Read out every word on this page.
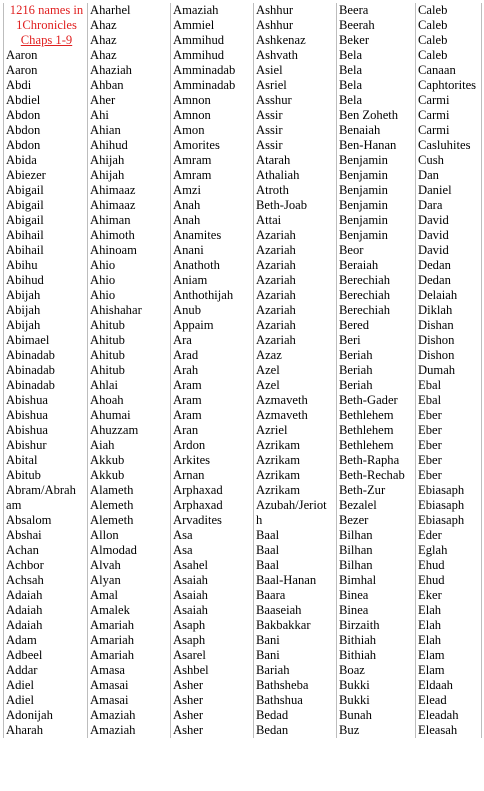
1216 names in
1Chronicles
Chaps 1-9	Aharhel	Amaziah	Ashhur	Beera	Caleb
	Ahaz	Ammiel	Ashhur	Beerah	Caleb
	Ahaz	Ammihud	Ashkenaz	Beker	Caleb
Aaron	Ahaz	Ammihud	Ashvath	Bela	Caleb
Aaron	Ahaziah	Amminadab	Asiel	Bela	Canaan
Abdi	Ahban	Amminadab	Asriel	Bela	Caphtorites
Abdiel	Aher	Amnon	Asshur	Bela	Carmi
Abdon	Ahi	Amnon	Assir	Ben Zoheth	Carmi
Abdon	Ahian	Amon	Assir	Benaiah	Carmi
Abdon	Ahihud	Amorites	Assir	Ben-Hanan	Casluhites
Abida	Ahijah	Amram	Atarah	Benjamin	Cush
Abiezer	Ahijah	Amram	Athaliah	Benjamin	Dan
Abigail	Ahimaaz	Amzi	Atroth	Benjamin	Daniel
Abigail	Ahimaaz	Anah	Beth-Joab	Benjamin	Dara
Abigail	Ahiman	Anah	Attai	Benjamin	David
Abihail	Ahimoth	Anamites	Azariah	Benjamin	David
Abihail	Ahinoam	Anani	Azariah	Beor	David
Abihu	Ahio	Anathoth	Azariah	Beraiah	Dedan
Abihud	Ahio	Aniam	Azariah	Berechiah	Dedan
Abijah	Ahio	Anthothijah	Azariah	Berechiah	Delaiah
Abijah	Ahishahar	Anub	Azariah	Berechiah	Diklah
Abijah	Ahitub	Appaim	Azariah	Bered	Dishan
Abimael	Ahitub	Ara	Azariah	Beri	Dishon
Abinadab	Ahitub	Arad	Azaz	Beriah	Dishon
Abinadab	Ahitub	Arah	Azel	Beriah	Dumah
Abinadab	Ahlai	Aram	Azel	Beriah	Ebal
Abishua	Ahoah	Aram	Azmaveth	Beth-Gader	Ebal
Abishua	Ahumai	Aram	Azmaveth	Bethlehem	Eber
Abishua	Ahuzzam	Aran	Azriel	Bethlehem	Eber
Abishur	Aiah	Ardon	Azrikam	Bethlehem	Eber
Abital	Akkub	Arkites	Azrikam	Beth-Rapha	Eber
Abitub	Akkub	Arnan	Azrikam	Beth-Rechab	Eber
Abram/Abrah	Alameth	Arphaxad	Azrikam	Beth-Zur	Ebiasaph
am	Alemeth	Arphaxad	Azubah/Jeriot	Bezalel	Ebiasaph
Absalom	Alemeth	Arvadites	h	Bezer	Ebiasaph
Abshai	Allon	Asa	Baal	Bilhan	Eder
Achan	Almodad	Asa	Baal	Bilhan	Eglah
Achbor	Alvah	Asahel	Baal	Bilhan	Ehud
Achsah	Alyan	Asaiah	Baal-Hanan	Bimhal	Ehud
Adaiah	Amal	Asaiah	Baara	Binea	Eker
Adaiah	Amalek	Asaiah	Baaseiah	Binea	Elah
Adaiah	Amariah	Asaph	Bakbakkar	Birzaith	Elah
Adam	Amariah	Asaph	Bani	Bithiah	Elah
Adbeel	Amariah	Asarel	Bani	Bithiah	Elam
Addar	Amasa	Ashbel	Bariah	Boaz	Elam
Adiel	Amasai	Asher	Bathsheba	Bukki	Eldaah
Adiel	Amasai	Asher	Bathshua	Bukki	Elead
Adonijah	Amaziah	Asher	Bedad	Bunah	Eleadah
Aharah	Amaziah	Asher	Bedan	Buz	Eleasah
